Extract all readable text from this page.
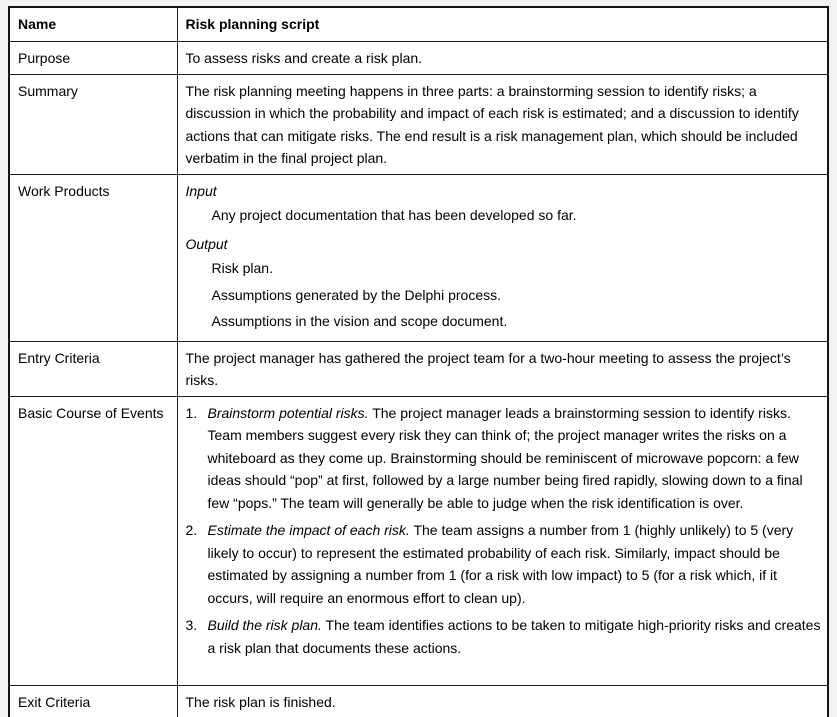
Name	Risk planning script

Purpose	To assess risks and create a risk plan.

Summary	The risk planning meeting happens in three parts: a brainstorming session to identify risks; a discussion in which the probability and impact of each risk is estimated; and a discussion to identify actions that can mitigate risks. The end result is a risk management plan, which should be included verbatim in the final project plan.

Work Products	Input

Any project documentation that has been developed so far.

Output

Risk plan.

Assumptions generated by the Delphi process.

Assumptions in the vision and scope document.

Entry Criteria	The project manager has gathered the project team for a two-hour meeting to assess the project’s risks.

Basic Course of Events	1. Brainstorm potential risks. The project manager leads a brainstorming session to identify risks. Team members suggest every risk they can think of; the project manager writes the risks on a whiteboard as they come up. Brainstorming should be reminiscent of microwave popcorn: a few ideas should “pop” at first, followed by a large number being fired rapidly, slowing down to a final few “pops.” The team will generally be able to judge when the risk identification is over.
2. Estimate the impact of each risk. The team assigns a number from 1 (highly unlikely) to 5 (very likely to occur) to represent the estimated probability of each risk. Similarly, impact should be estimated by assigning a number from 1 (for a risk with low impact) to 5 (for a risk which, if it occurs, will require an enormous effort to clean up).
3. Build the risk plan. The team identifies actions to be taken to mitigate high-priority risks and creates a risk plan that documents these actions.

Exit Criteria	The risk plan is finished.
